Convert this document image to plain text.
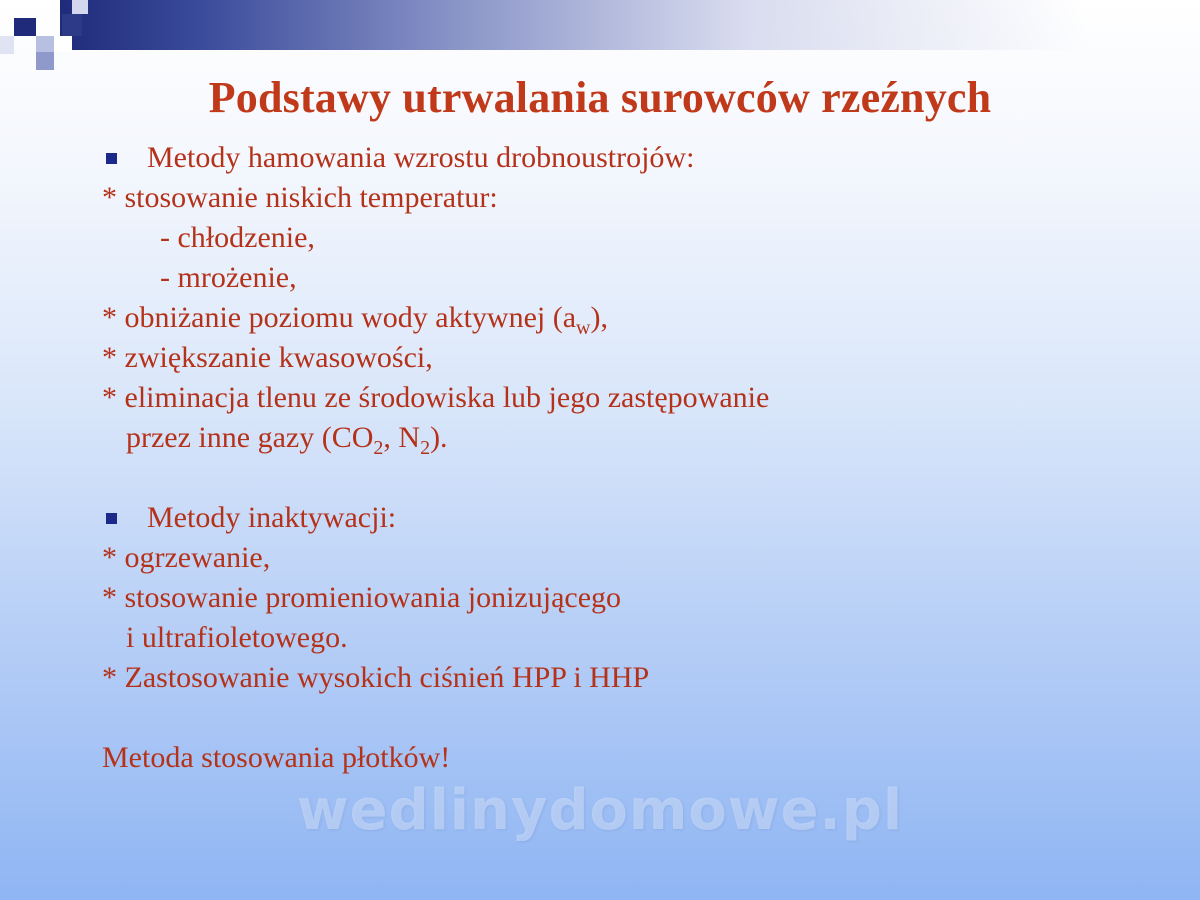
Podstawy utrwalania surowców rzeźnych
Metody hamowania wzrostu drobnoustrojów:
* stosowanie niskich temperatur:
- chłodzenie,
- mrożenie,
* obniżanie poziomu wody aktywnej $(a_w)$,
* zwiększanie kwasowości,
* eliminacja tlenu ze środowiska lub jego zastępowanie
przez inne gazy ($CO_2$, $N_2$).
Metody inaktywacji:
* ogrzewanie,
* stosowanie promieniowania jonizującego
i ultrafioletowego.
* Zastosowanie wysokich ciśnień HPP i HHP
Metoda stosowania płotków!
wedlinydomowe.pl
